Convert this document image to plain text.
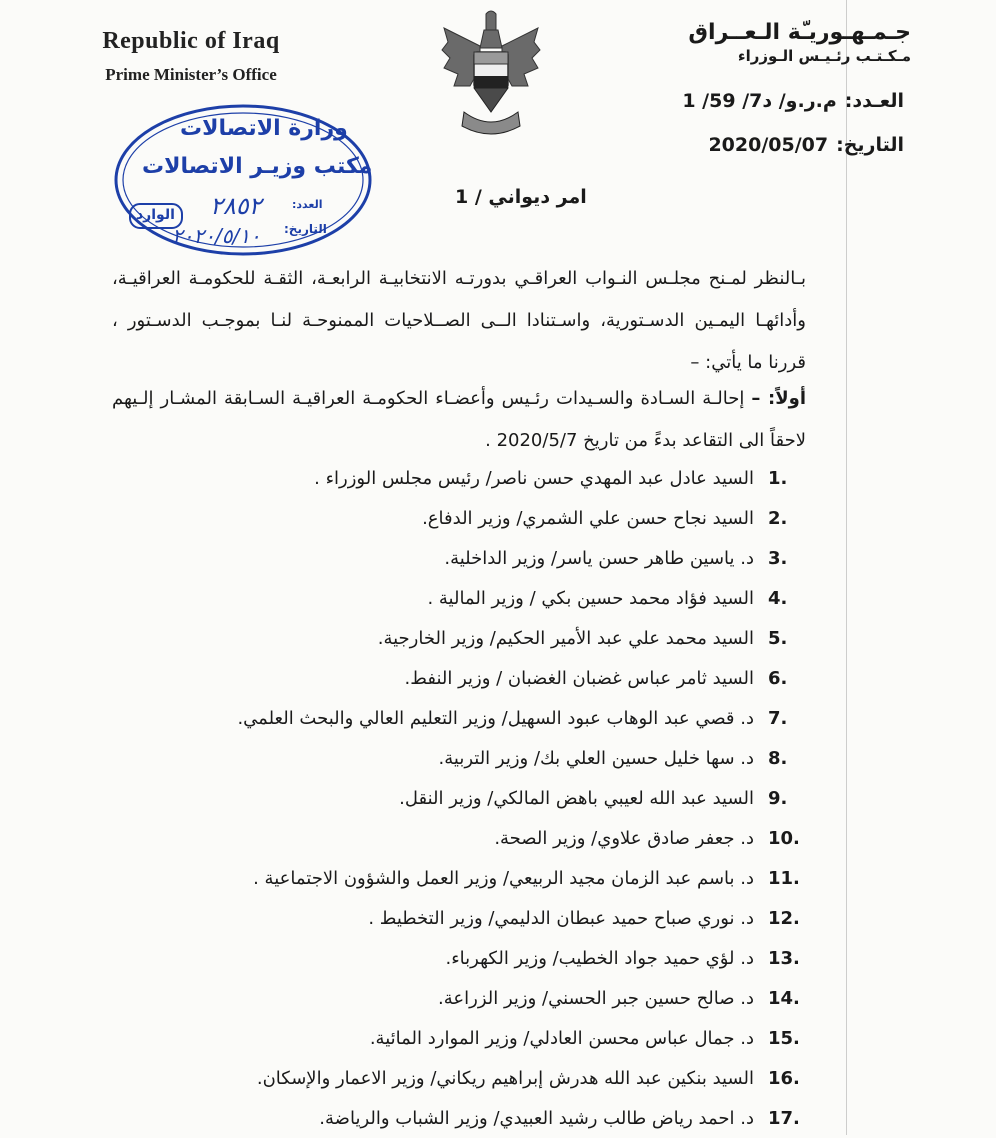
Republic of Iraq
Prime Minister’s Office
جـمـهـوريـّة الـعــراق
مـكـتـب رئـيـس الـوزراء
العـدد:م.ر.و/ د7/ 59/ 1
التاريخ:2020/05/07
وزارة الاتصالات
مكتب وزيـر الاتصالات
العدد:
٢٨٥٢
التاريخ:
٢٠٢٠/٥/١٠
الوارد
امر ديواني / 1
بـالنظر لمـنح مجلـس النـواب العراقـي بدورتـه الانتخابيـة الرابعـة، الثقـة للحكومـة العراقيـة، وأدائهـا اليمـين الدسـتورية، واسـتنادا الــى الصــلاحيات الممنوحـة لنـا بموجـب الدسـتور ، قررنا ما يأتي: –
أولاً: – إحالـة السـادة والسـيدات رئـيس وأعضـاء الحكومـة العراقيـة السـابقة المشـار إلـيهم لاحقاً الى التقاعد بدءً من تاريخ 2020/5/7 .
1.
السيد عادل عبد المهدي حسن ناصر/ رئيس مجلس الوزراء .
2.
السيد نجاح حسن علي الشمري/ وزير الدفاع.
3.
د. ياسين طاهر حسن ياسر/ وزير الداخلية.
4.
السيد فؤاد محمد حسين بكي / وزير المالية .
5.
السيد محمد علي عبد الأمير الحكيم/ وزير الخارجية.
6.
السيد ثامر عباس غضبان الغضبان / وزير النفط.
7.
د. قصي عبد الوهاب عبود السهيل/ وزير التعليم العالي والبحث العلمي.
8.
د. سها خليل حسين العلي بك/ وزير التربية.
9.
السيد عبد الله لعيبي باهض المالكي/ وزير النقل.
10.
د. جعفر صادق علاوي/ وزير الصحة.
11.
د. باسم عبد الزمان مجيد الربيعي/ وزير العمل والشؤون الاجتماعية .
12.
د. نوري صباح حميد عبطان الدليمي/ وزير التخطيط .
13.
د. لؤي حميد جواد الخطيب/ وزير الكهرباء.
14.
د. صالح حسين جبر الحسني/ وزير الزراعة.
15.
د. جمال عباس محسن العادلي/ وزير الموارد المائية.
16.
السيد بنكين عبد الله هدرش إبراهيم ريكاني/ وزير الاعمار والإسكان.
17.
د. احمد رياض طالب رشيد العبيدي/ وزير الشباب والرياضة.
